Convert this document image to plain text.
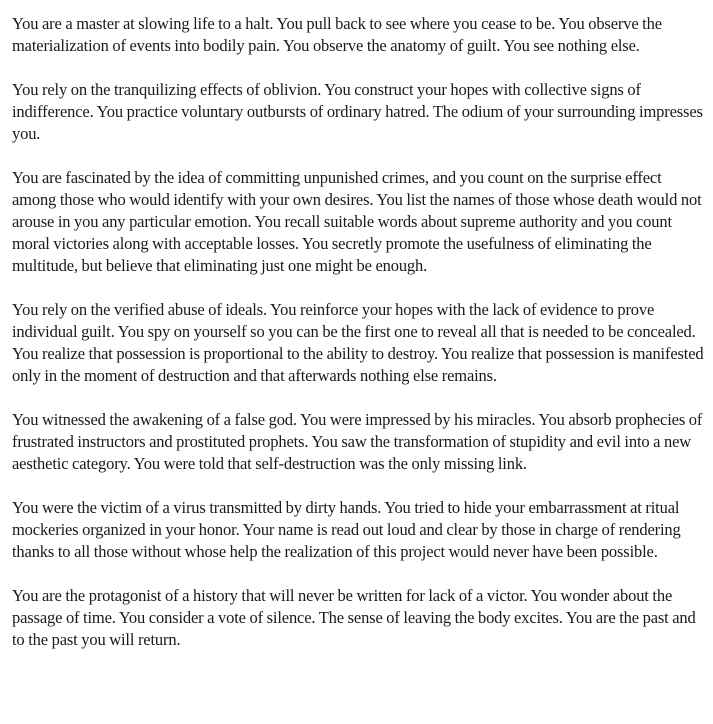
You are a master at slowing life to a halt. You pull back to see where you cease to be. You observe the materialization of events into bodily pain. You observe the anatomy of guilt. You see nothing else.

You rely on the tranquilizing effects of oblivion. You construct your hopes with collective signs of indifference. You practice voluntary outbursts of ordinary hatred. The odium of your surrounding impresses you.

You are fascinated by the idea of committing unpunished crimes, and you count on the surprise effect among those who would identify with your own desires. You list the names of those whose death would not arouse in you any particular emotion. You recall suitable words about supreme authority and you count moral victories along with acceptable losses. You secretly promote the usefulness of eliminating the multitude, but believe that eliminating just one might be enough.

You rely on the verified abuse of ideals. You reinforce your hopes with the lack of evidence to prove individual guilt. You spy on yourself so you can be the first one to reveal all that is needed to be concealed. You realize that possession is proportional to the ability to destroy. You realize that possession is manifested only in the moment of destruction and that afterwards nothing else remains.

You witnessed the awakening of a false god. You were impressed by his miracles. You absorb prophecies of frustrated instructors and prostituted prophets. You saw the transformation of stupidity and evil into a new aesthetic category. You were told that self-destruction was the only missing link.

You were the victim of a virus transmitted by dirty hands. You tried to hide your embarrassment at ritual mockeries organized in your honor. Your name is read out loud and clear by those in charge of rendering thanks to all those without whose help the realization of this project would never have been possible.

You are the protagonist of a history that will never be written for lack of a victor. You wonder about the passage of time. You consider a vote of silence. The sense of leaving the body excites. You are the past and to the past you will return.
